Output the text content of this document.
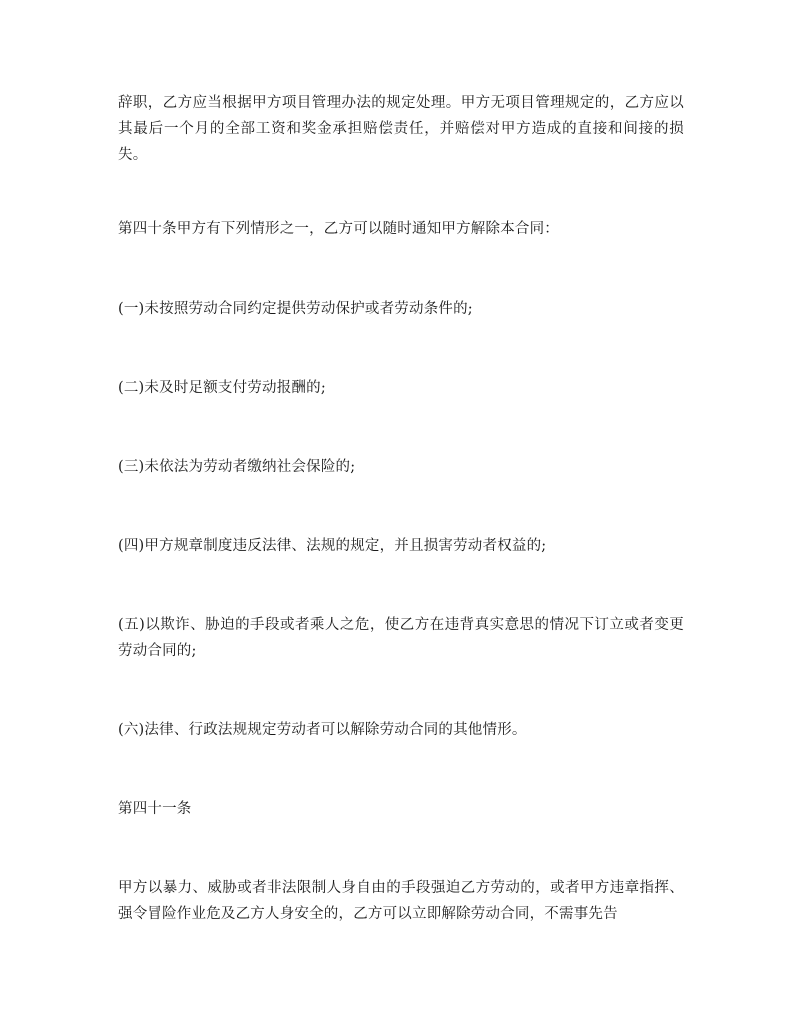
辞职，乙方应当根据甲方项目管理办法的规定处理。甲方无项目管理规定的，乙方应以其最后一个月的全部工资和奖金承担赔偿责任，并赔偿对甲方造成的直接和间接的损失。

第四十条甲方有下列情形之一，乙方可以随时通知甲方解除本合同：

(一)未按照劳动合同约定提供劳动保护或者劳动条件的;

(二)未及时足额支付劳动报酬的;

(三)未依法为劳动者缴纳社会保险的;

(四)甲方规章制度违反法律、法规的规定，并且损害劳动者权益的;

(五)以欺诈、胁迫的手段或者乘人之危，使乙方在违背真实意思的情况下订立或者变更劳动合同的;

(六)法律、行政法规规定劳动者可以解除劳动合同的其他情形。

第四十一条

甲方以暴力、威胁或者非法限制人身自由的手段强迫乙方劳动的，或者甲方违章指挥、强令冒险作业危及乙方人身安全的，乙方可以立即解除劳动合同，不需事先告
